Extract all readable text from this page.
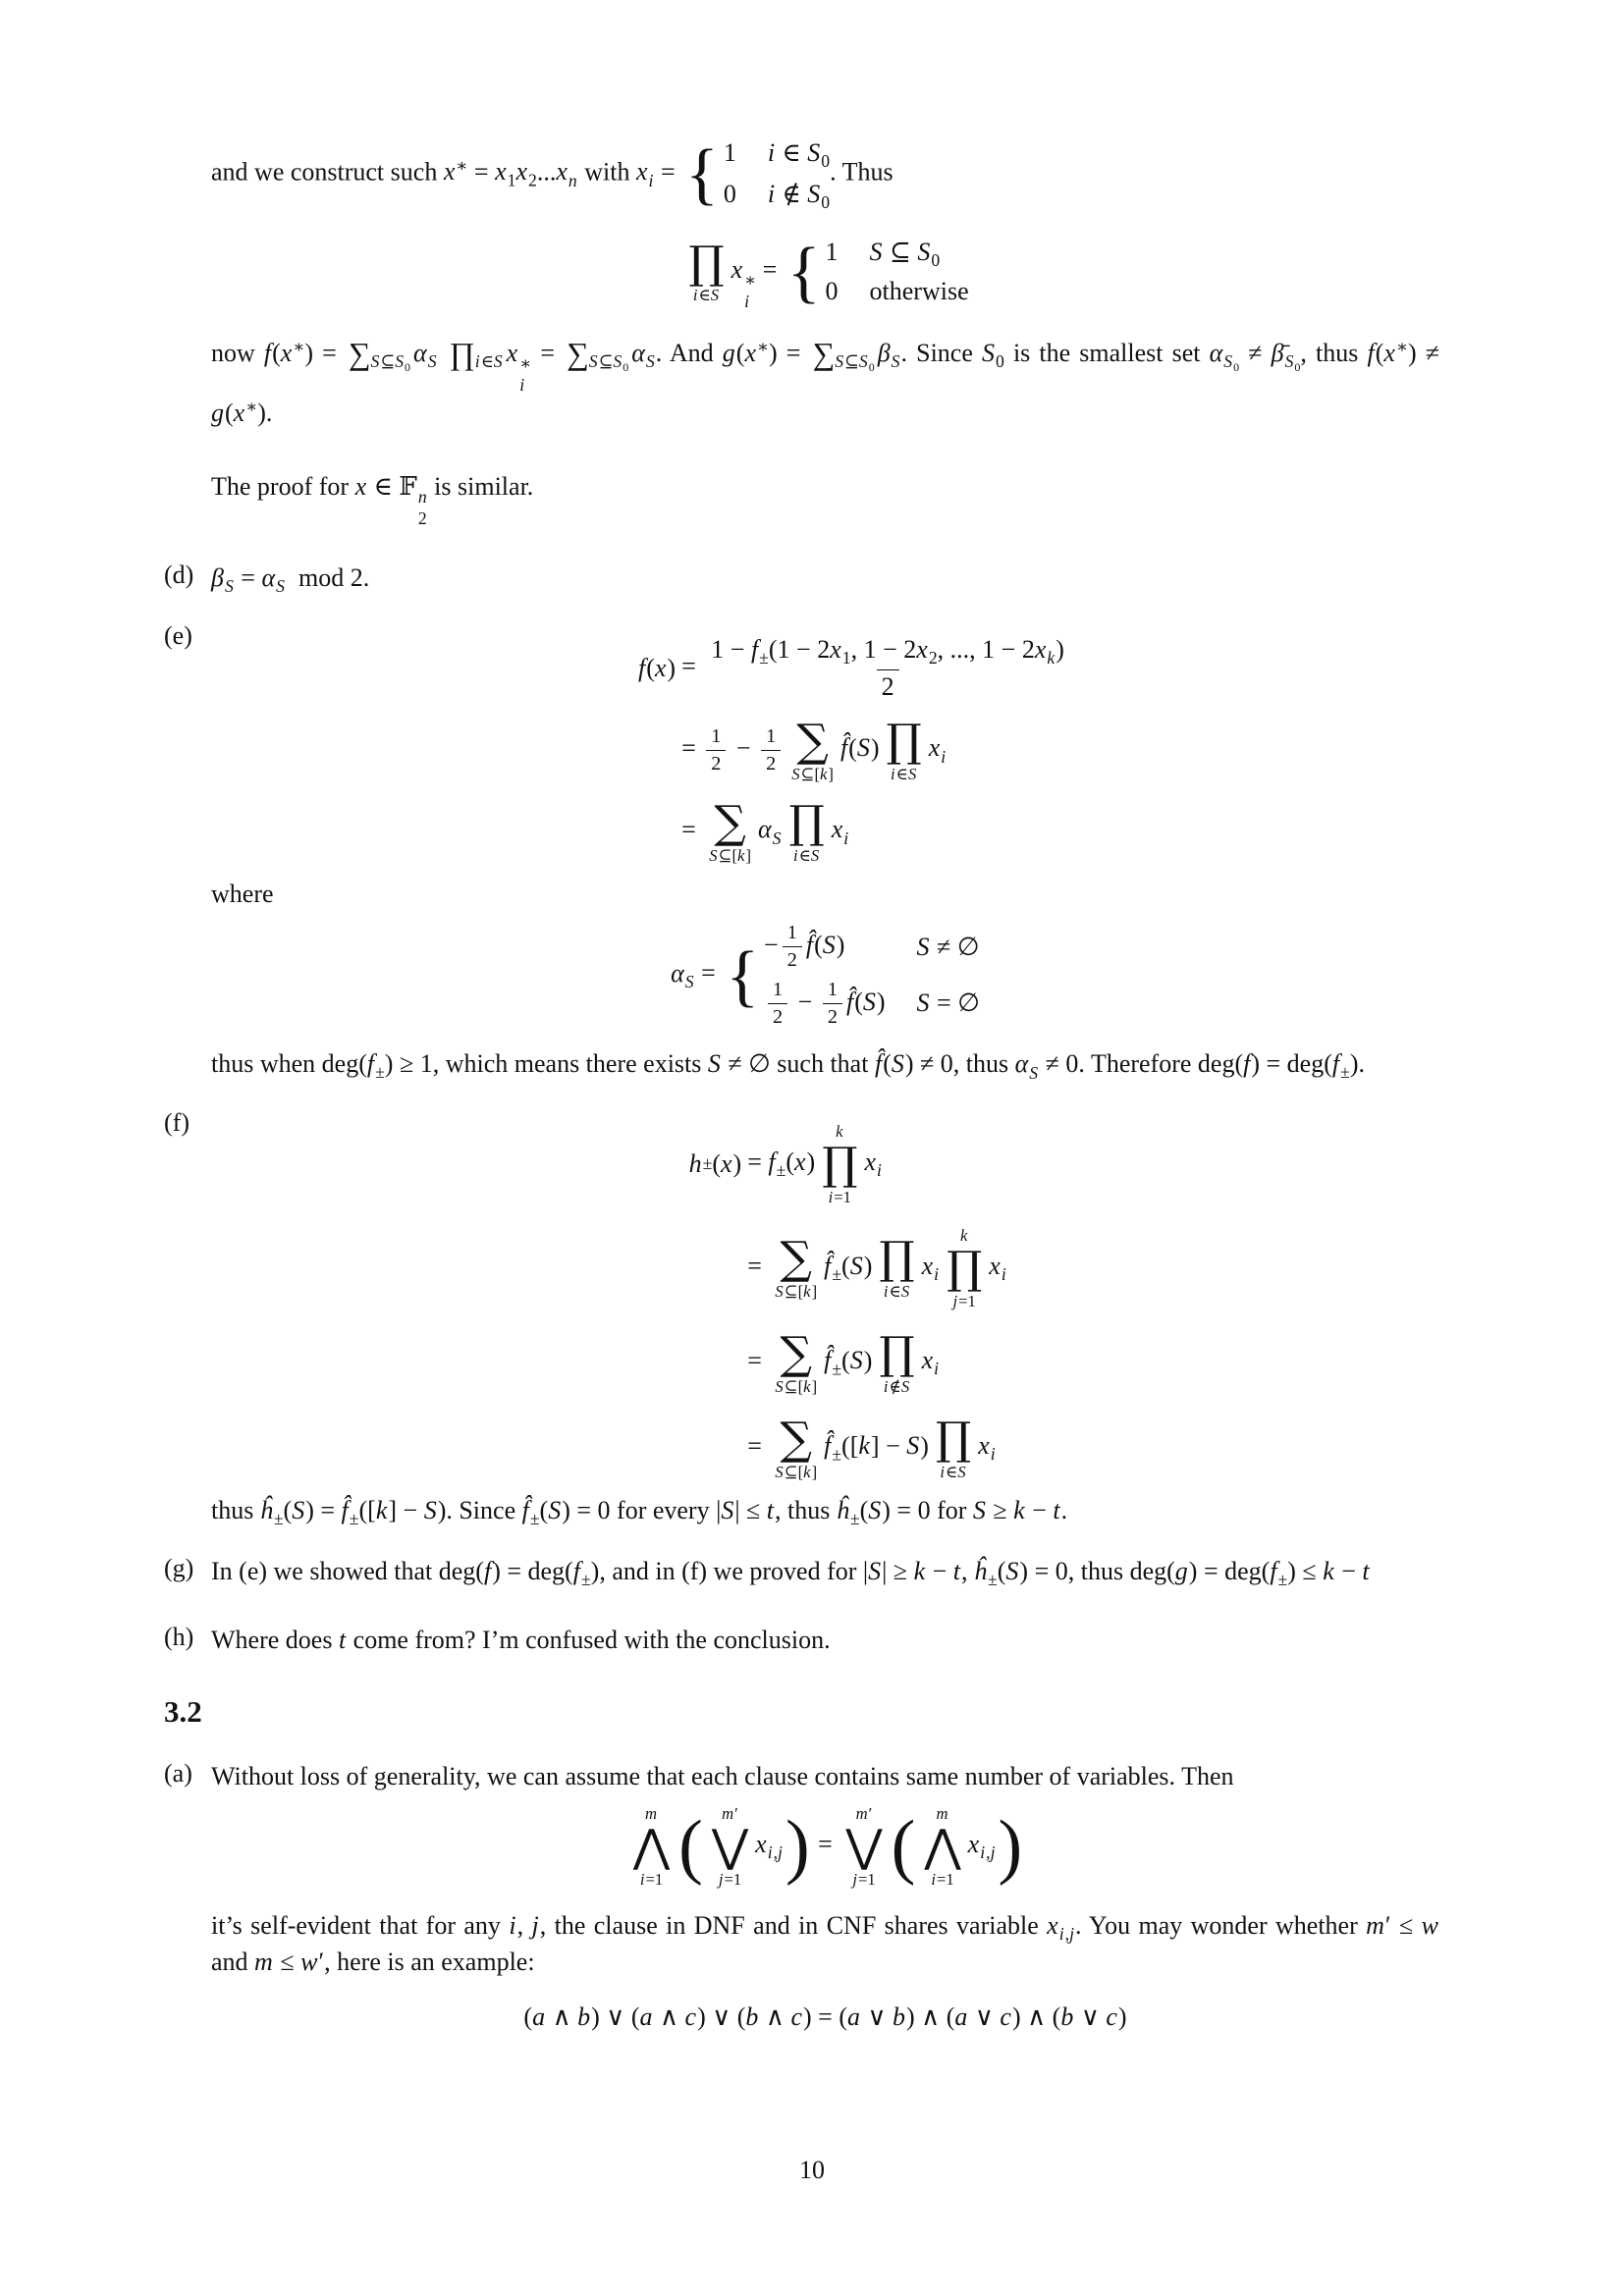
and we construct such $x^∗ = x_1x_2...x_n$ with $x_i$ = { 1 i ∈ $S_0$
0 i ∉ $S_0$
. Thus
∏
i∈S
x ∗
i
= { 1 S ⊆ $S_0$
0 otherwise
now $f(x^∗) = \sum_{S⊆S_0}\alpha_S$ $\prod_{i\in S}$ x ∗
i
= $\sum_{S⊆S_0}\alpha_S$. And $g(x^∗) = \sum_{S⊆S_0}\beta_S$. Since $S_0$ is the smallest set $\alpha_{S_0}$ ≠ $\betā_{S_0}$, thus f(x∗) ≠ g(x∗).
The proof for x ∈ 𝔽 n
2
is similar.
(d) $\beta_S = \alpha_S$  mod 2.
(e)
f ( x ) = $\frac{1 - f_\pm(1 - 2x_1, 1 - 2x_2, ..., 1 - 2x_k)}{2}$
= $\frac{1}{2} - \frac{1}{2}$ ∑
S⊆[k]
f̂(S) ∏
i∈S
$x_i$
= ∑
S⊆[k]
$\alpha_S$ ∏
i∈S
$x_i$
where
$\alpha_S$ = { − $\frac{1}{2}$ f̂(S)	S ≠ ∅
$\frac{1}{2} - \frac{1}{2}$ f̂(S) S = ∅
thus when $deg(f_\pm) \ge 1$, which means there exists S ≠ ∅ such that f̂(S) ≠ 0, thus $\alpha_S \ne 0$. Therefore $deg(f) = deg(f_\pm)$.
(f)
h ± ( x ) = $f_\pm(x)$
k
∏
i=1
$x_i$
= ∑
S⊆[k]
$f̂_\pm(S)$ ∏
i∈S
$x_i$
k
∏
j=1
$x_i$
= ∑
S⊆[k]
$f̂_\pm(S)$ ∏
i∉S
$x_i$
= ∑
S⊆[k]
$f̂_\pm([k] - S)$ ∏
i∈S
$x_i$
thus $ĥ_\pm(S)$ = $f̂_\pm([k] - S)$. Since $f̂_\pm(S) = 0$ for every |S| ≤ t, thus $ĥ_\pm(S) = 0$ for S ≥ k − t.
(g) In (e) we showed that $deg(f) = deg(f_\pm)$, and in (f) we proved for |S| ≥ k − t, $ĥ_\pm(S) = 0$, thus $deg(g) = deg(f_\pm) \le k - t$
(h) Where does t come from? I’m confused with the conclusion.
3.2
(a) Without loss of generality, we can assume that each clause contains same number of variables. Then
m
⋀
i=1 ( m′
⋁
j=1
$x_{i,j}$) =
m′
⋁
j=1 ( m
⋀
i=1
$x_{i,j}$)
it’s self-evident that for any i, j, the clause in DNF and in CNF shares variable $x_{i,j}$. You may wonder whether m′ ≤ w and m ≤ w′, here is an example:
(a ∧ b) ∨ (a ∧ c) ∨ (b ∧ c) = (a ∨ b) ∧ (a ∨ c) ∧ (b ∨ c)
10
